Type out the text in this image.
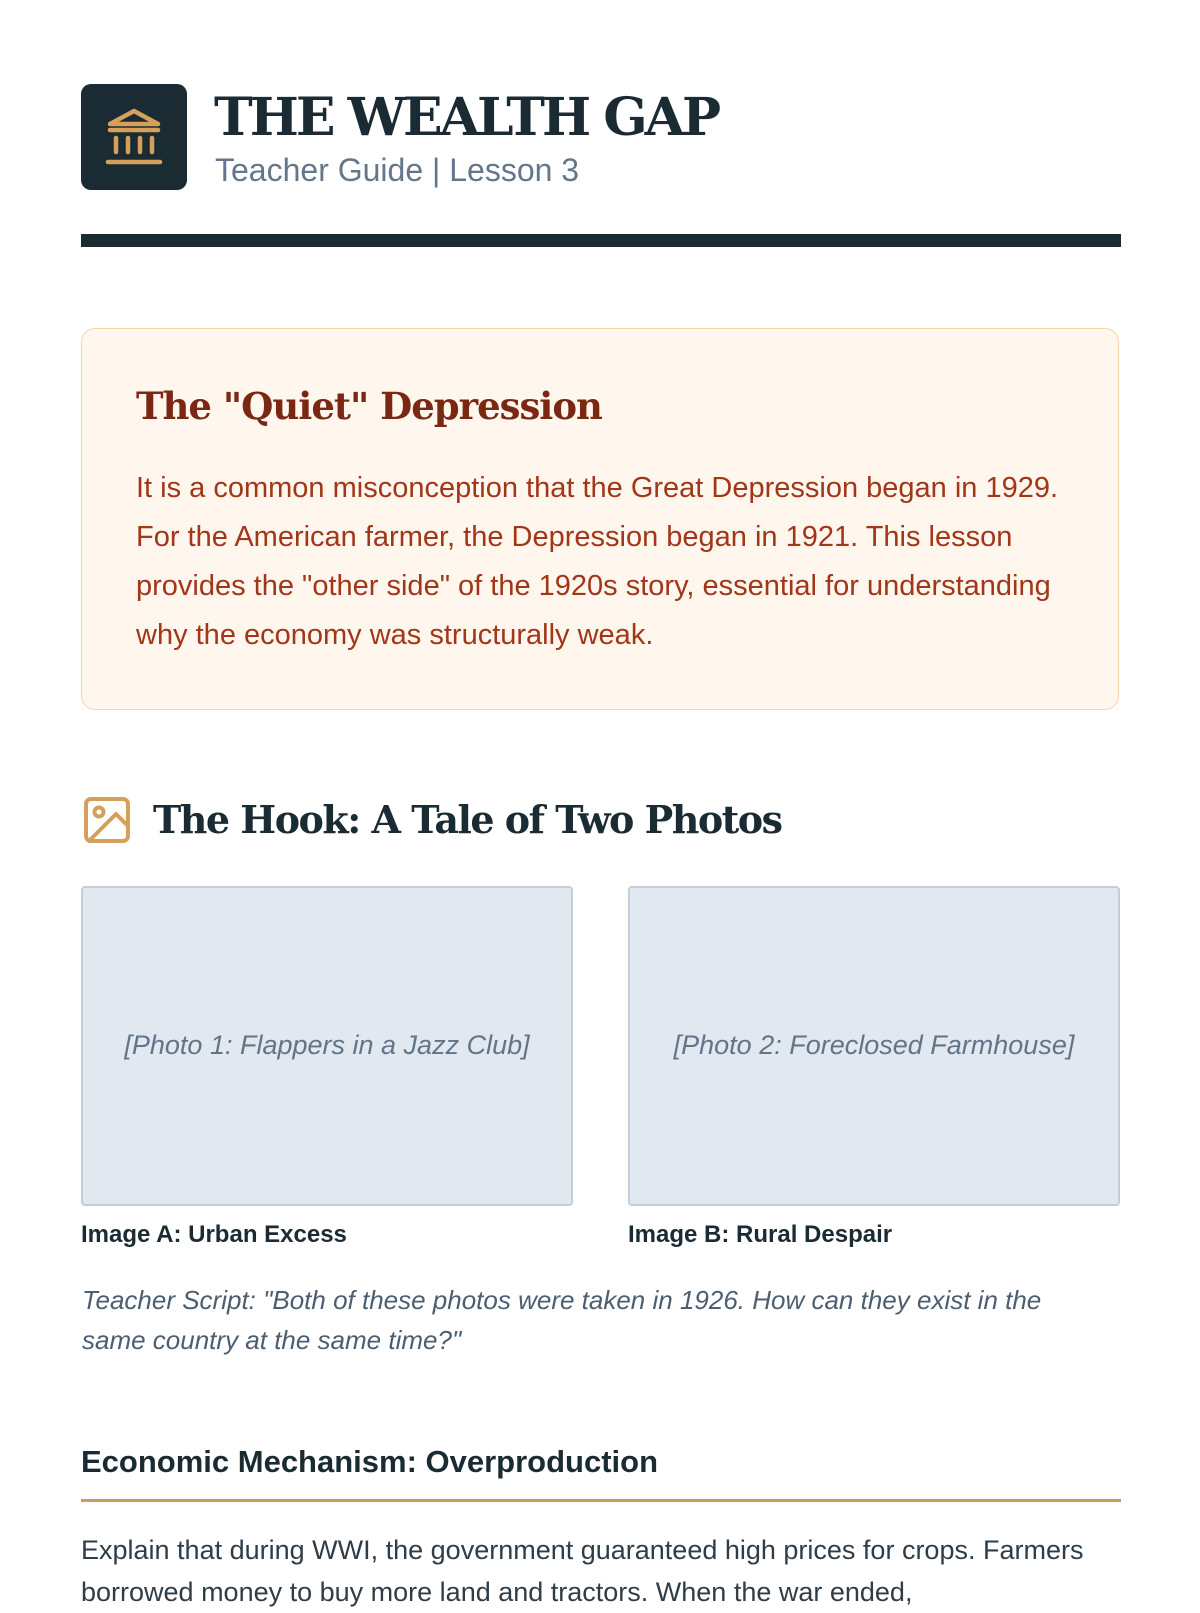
THE WEALTH GAP
Teacher Guide | Lesson 3
The "Quiet" Depression
It is a common misconception that the Great Depression began in 1929. For the American farmer, the Depression began in 1921. This lesson provides the "other side" of the 1920s story, essential for understanding why the economy was structurally weak.
The Hook: A Tale of Two Photos
[Photo 1: Flappers in a Jazz Club]	[Photo 2: Foreclosed Farmhouse]
Image A: Urban Excess	Image B: Rural Despair
Teacher Script: "Both of these photos were taken in 1926. How can they exist in the same country at the same time?"
Economic Mechanism: Overproduction
Explain that during WWI, the government guaranteed high prices for crops. Farmers borrowed money to buy more land and tractors. When the war ended,
